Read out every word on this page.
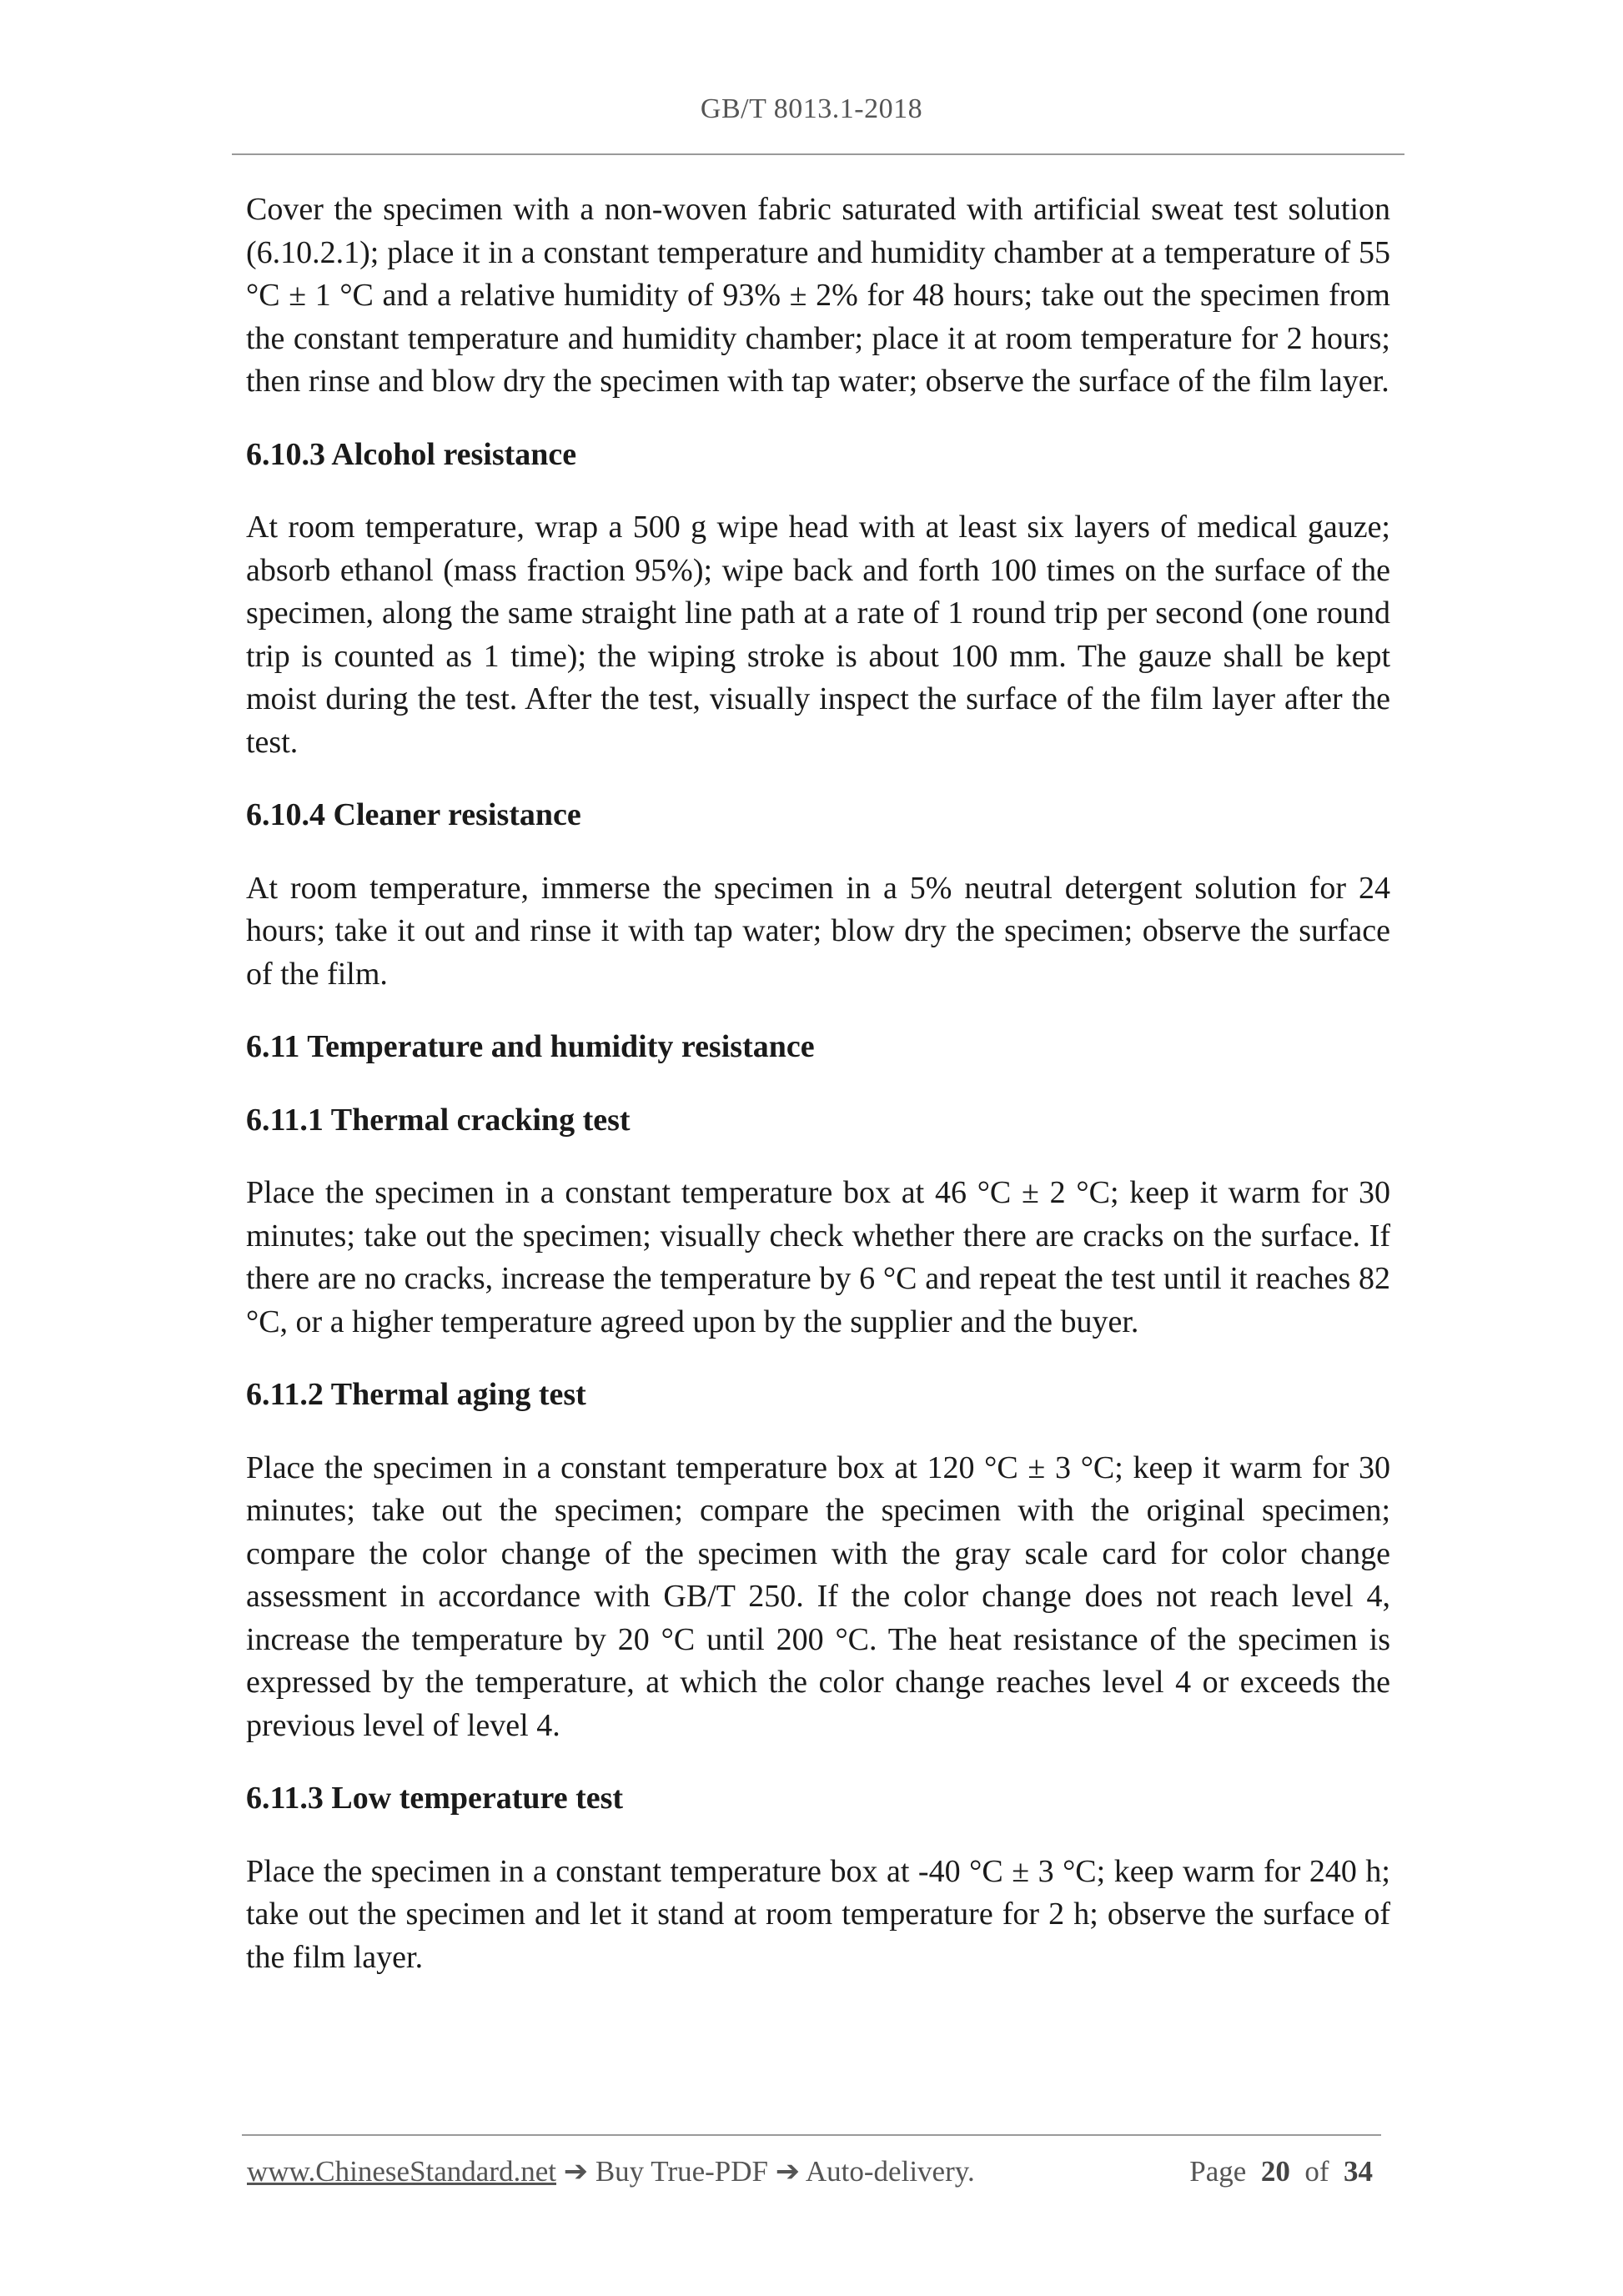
GB/T 8013.1-2018

Cover the specimen with a non-woven fabric saturated with artificial sweat test solution (6.10.2.1); place it in a constant temperature and humidity chamber at a temperature of 55 °C ± 1 °C and a relative humidity of 93% ± 2% for 48 hours; take out the specimen from the constant temperature and humidity chamber; place it at room temperature for 2 hours; then rinse and blow dry the specimen with tap water; observe the surface of the film layer.

6.10.3 Alcohol resistance

At room temperature, wrap a 500 g wipe head with at least six layers of medical gauze; absorb ethanol (mass fraction 95%); wipe back and forth 100 times on the surface of the specimen, along the same straight line path at a rate of 1 round trip per second (one round trip is counted as 1 time); the wiping stroke is about 100 mm. The gauze shall be kept moist during the test. After the test, visually inspect the surface of the film layer after the test.

6.10.4 Cleaner resistance

At room temperature, immerse the specimen in a 5% neutral detergent solution for 24 hours; take it out and rinse it with tap water; blow dry the specimen; observe the surface of the film.

6.11 Temperature and humidity resistance
6.11.1 Thermal cracking test

Place the specimen in a constant temperature box at 46 °C ± 2 °C; keep it warm for 30 minutes; take out the specimen; visually check whether there are cracks on the surface. If there are no cracks, increase the temperature by 6 °C and repeat the test until it reaches 82 °C, or a higher temperature agreed upon by the supplier and the buyer.

6.11.2 Thermal aging test

Place the specimen in a constant temperature box at 120 °C ± 3 °C; keep it warm for 30 minutes; take out the specimen; compare the specimen with the original specimen; compare the color change of the specimen with the gray scale card for color change assessment in accordance with GB/T 250. If the color change does not reach level 4, increase the temperature by 20 °C until 200 °C. The heat resistance of the specimen is expressed by the temperature, at which the color change reaches level 4 or exceeds the previous level of level 4.

6.11.3 Low temperature test

Place the specimen in a constant temperature box at -40 °C ± 3 °C; keep warm for 240 h; take out the specimen and let it stand at room temperature for 2 h; observe the surface of the film layer.

www.ChineseStandard.net ➔ Buy True-PDF ➔ Auto-delivery.	Page 20 of 34
